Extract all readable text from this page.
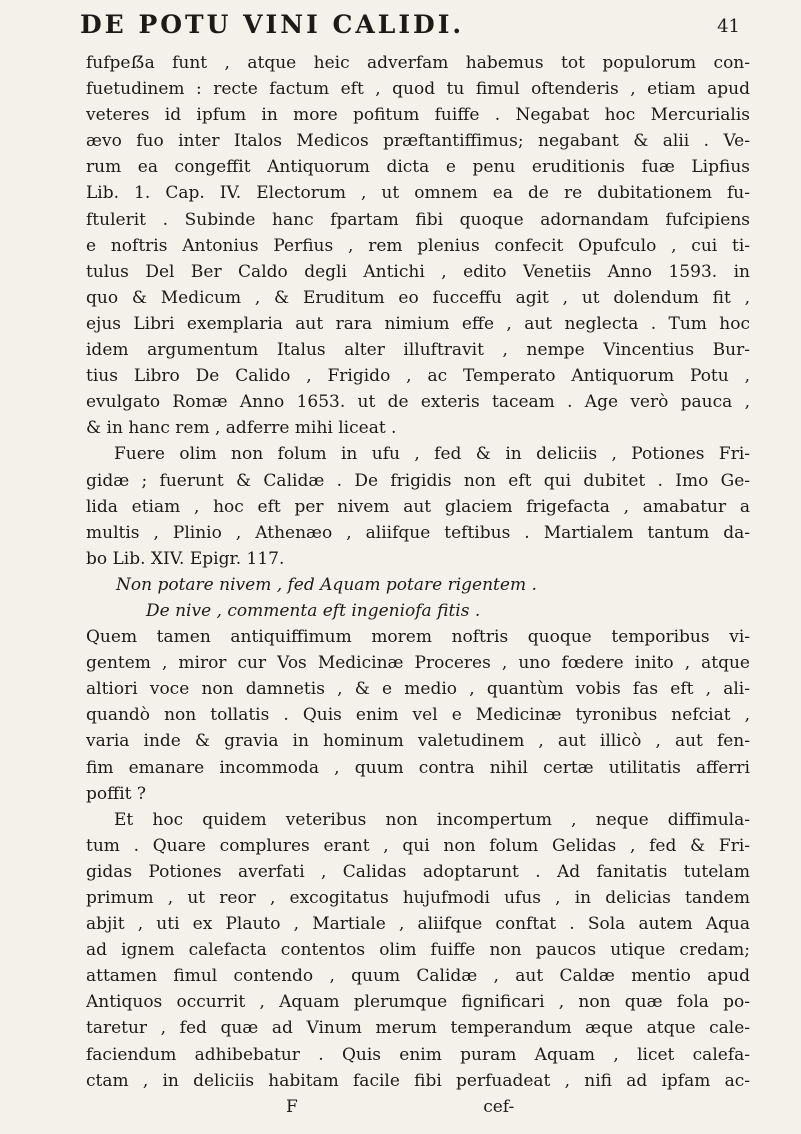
DE POTU VINI CALIDI.	41
fufpeẞa funt , atque heic adverfam habemus tot populorum con-
fuetudinem : recte factum eft , quod tu fimul oftenderis , etiam apud
veteres id ipfum in more pofitum fuiffe . Negabat hoc Mercurialis
ævo fuo inter Italos Medicos præftantiffimus; negabant & alii . Ve-
rum ea congeffit Antiquorum dicta e penu eruditionis fuæ Lipfius
Lib. 1. Cap. IV. Electorum , ut omnem ea de re dubitationem fu-
ftulerit . Subinde hanc fpartam fibi quoque adornandam fufcipiens
e noftris Antonius Perfius , rem plenius confecit Opufculo , cui ti-
tulus Del Ber Caldo degli Antichi , edito Venetiis Anno 1593. in
quo & Medicum , & Eruditum eo fucceffu agit , ut dolendum fit ,
ejus Libri exemplaria aut rara nimium effe , aut neglecta . Tum hoc
idem argumentum Italus alter illuftravit , nempe Vincentius Bur-
tius Libro De Calido , Frigido , ac Temperato Antiquorum Potu ,
evulgato Romæ Anno 1653. ut de exteris taceam . Age verò pauca ,
& in hanc rem , adferre mihi liceat .
Fuere olim non folum in ufu , fed & in deliciis , Potiones Fri-
gidæ ; fuerunt & Calidæ . De frigidis non eft qui dubitet . Imo Ge-
lida etiam , hoc eft per nivem aut glaciem frigefacta , amabatur a
multis , Plinio , Athenæo , aliifque teftibus . Martialem tantum da-
bo Lib. XIV. Epigr. 117.
Non potare nivem , fed Aquam potare rigentem .
De nive , commenta eft ingeniofa fitis .
Quem tamen antiquiffimum morem noftris quoque temporibus vi-
gentem , miror cur Vos Medicinæ Proceres , uno fœdere inito , atque
altiori voce non damnetis , & e medio , quantùm vobis fas eft , ali-
quandò non tollatis . Quis enim vel e Medicinæ tyronibus nefciat ,
varia inde & gravia in hominum valetudinem , aut illicò , aut fen-
fim emanare incommoda , quum contra nihil certæ utilitatis afferri
poffit ?
Et hoc quidem veteribus non incompertum , neque diffimula-
tum . Quare complures erant , qui non folum Gelidas , fed & Fri-
gidas Potiones averfati , Calidas adoptarunt . Ad fanitatis tutelam
primum , ut reor , excogitatus hujufmodi ufus , in delicias tandem
abjit , uti ex Plauto , Martiale , aliifque conftat . Sola autem Aqua
ad ignem calefacta contentos olim fuiffe non paucos utique credam;
attamen fimul contendo , quum Calidæ , aut Caldæ mentio apud
Antiquos occurrit , Aquam plerumque fignificari , non quæ fola po-
taretur , fed quæ ad Vinum merum temperandum æque atque cale-
faciendum adhibebatur . Quis enim puram Aquam , licet calefa-
ctam , in deliciis habitam facile fibi perfuadeat , nifi ad ipfam ac-
F	cef-
